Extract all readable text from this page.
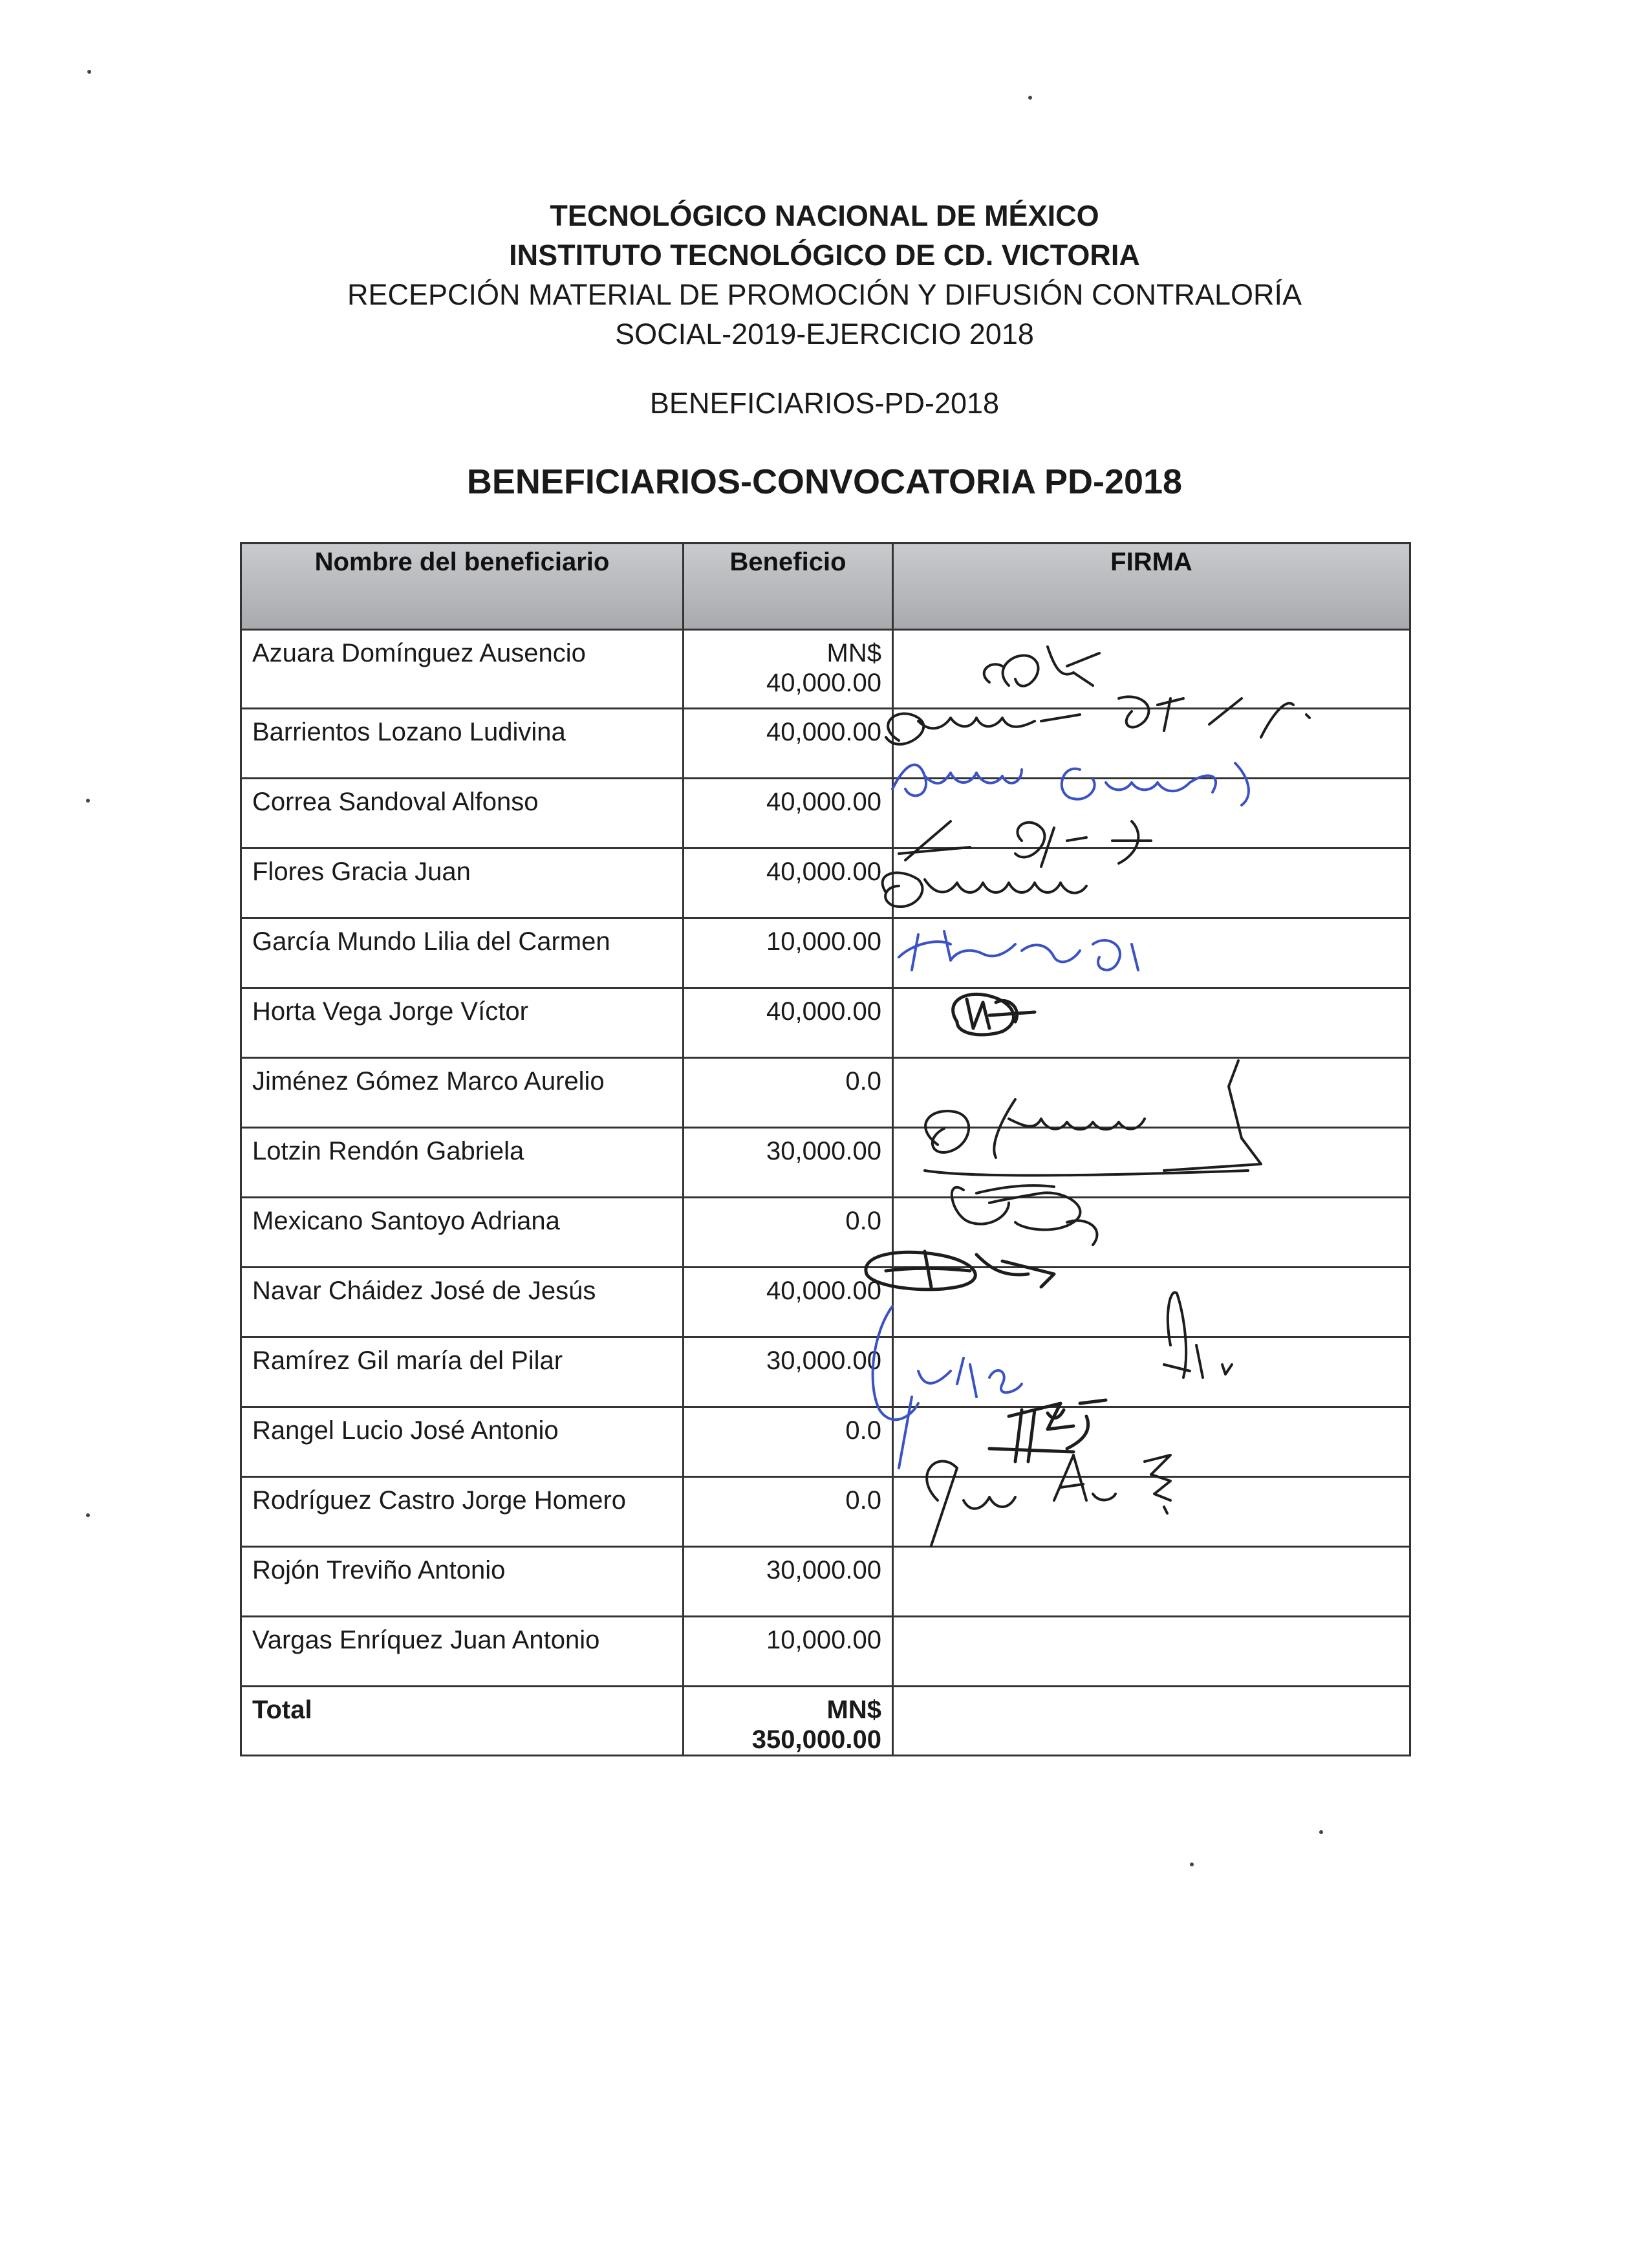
TECNOLÓGICO NACIONAL DE MÉXICO
INSTITUTO TECNOLÓGICO DE CD. VICTORIA
RECEPCIÓN MATERIAL DE PROMOCIÓN Y DIFUSIÓN CONTRALORÍA
SOCIAL-2019-EJERCICIO 2018
BENEFICIARIOS-PD-2018
BENEFICIARIOS-CONVOCATORIA PD-2018
Nombre del beneficiario	Beneficio	FIRMA
Azuara Domínguez Ausencio	MN$
40,000.00	
Barrientos Lozano Ludivina	40,000.00	
Correa Sandoval Alfonso	40,000.00	
Flores Gracia Juan	40,000.00	
García Mundo Lilia del Carmen	10,000.00	
Horta Vega Jorge Víctor	40,000.00	
Jiménez Gómez Marco Aurelio	0.0	
Lotzin Rendón Gabriela	30,000.00	
Mexicano Santoyo Adriana	0.0	
Navar Cháidez José de Jesús	40,000.00	
Ramírez Gil maría del Pilar	30,000.00	
Rangel Lucio José Antonio	0.0	
Rodríguez Castro Jorge Homero	0.0	
Rojón Treviño Antonio	30,000.00	
Vargas Enríquez Juan Antonio	10,000.00	
Total	MN$
350,000.00	
